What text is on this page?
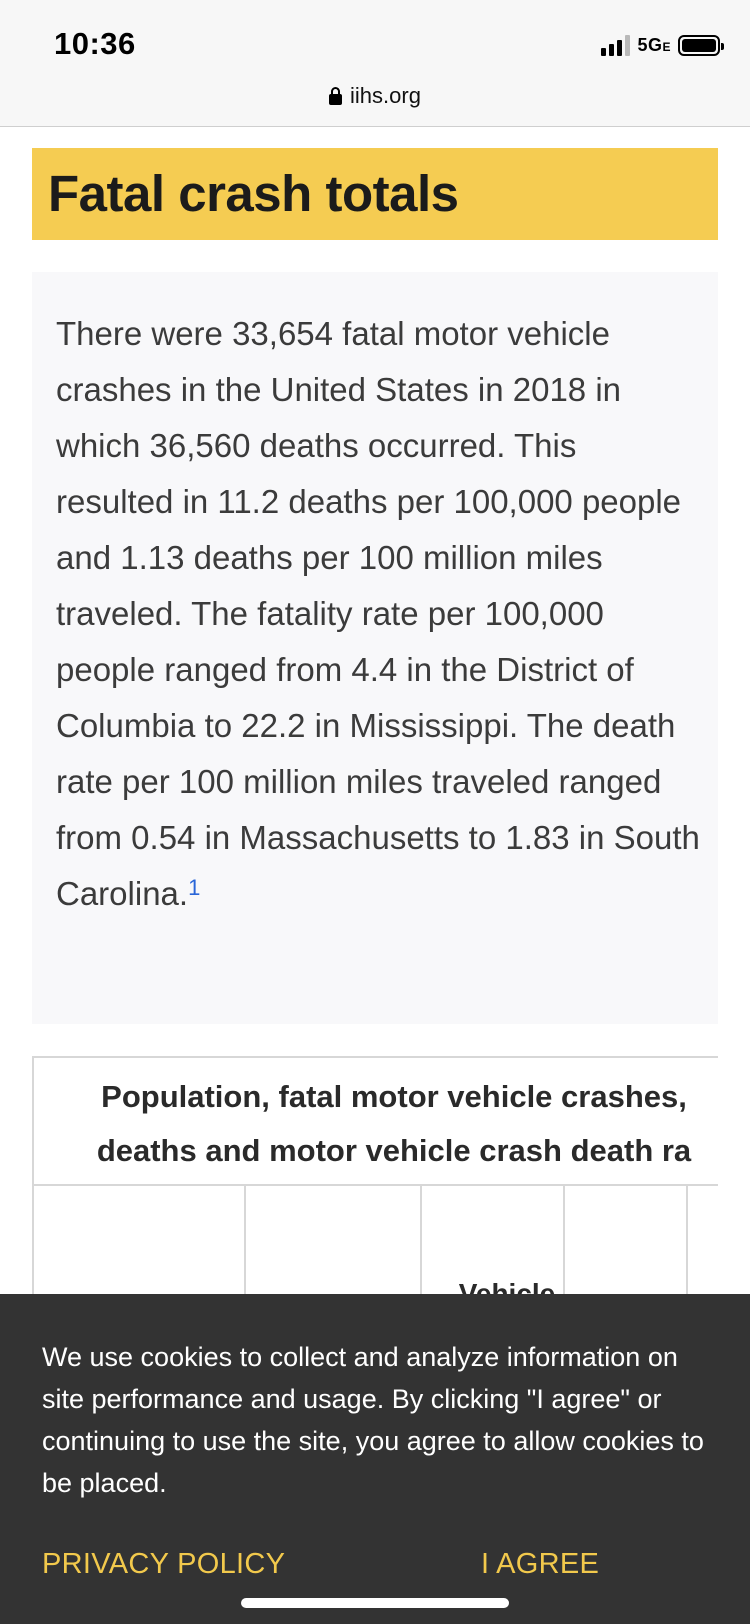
10:36	5GE
iihs.org
Fatal crash totals
There were 33,654 fatal motor vehicle crashes in the United States in 2018 in which 36,560 deaths occurred. This resulted in 11.2 deaths per 100,000 people and 1.13 deaths per 100 million miles traveled. The fatality rate per 100,000 people ranged from 4.4 in the District of Columbia to 22.2 in Mississippi. The death rate per 100 million miles traveled ranged from 0.54 in Massachusetts to 1.83 in South Carolina.$^1$
Population, fatal motor vehicle crashes,
deaths and motor vehicle crash death ra
We use cookies to collect and analyze information on site performance and usage. By clicking "I agree" or continuing to use the site, you agree to allow cookies to be placed.
PRIVACY POLICY	I AGREE
